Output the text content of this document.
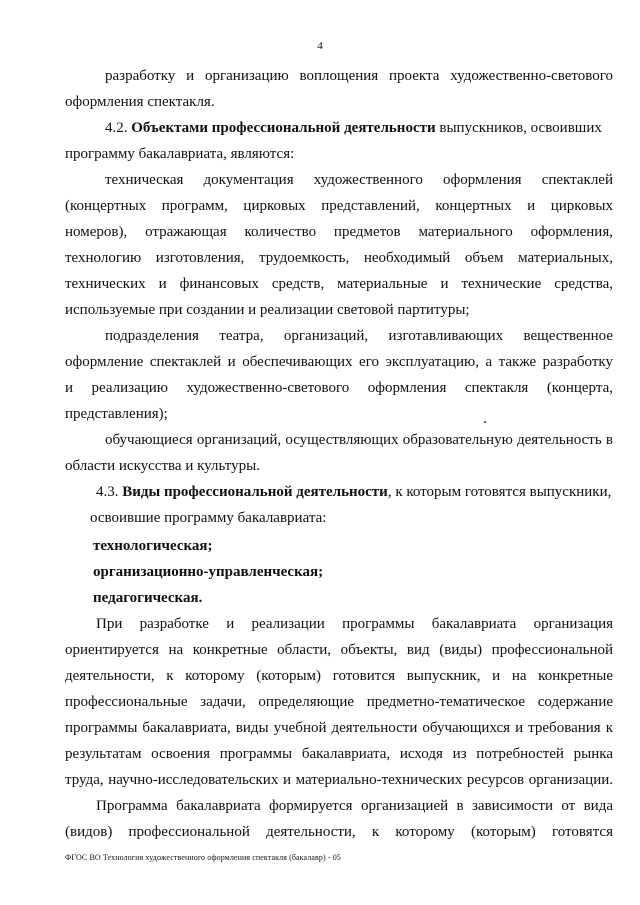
4
разработку и организацию воплощения проекта художественно-светового
оформления спектакля.
4.2. Объектами профессиональной деятельности выпускников, освоивших
программу бакалавриата, являются:
техническая документация художественного оформления спектаклей
(концертных программ, цирковых представлений, концертных и цирковых
номеров), отражающая количество предметов материального оформления,
технологию изготовления, трудоемкость, необходимый объем материальных,
технических и финансовых средств, материальные и технические средства,
используемые при создании и реализации световой партитуры;
подразделения театра, организаций, изготавливающих вещественное
оформление спектаклей и обеспечивающих его эксплуатацию, а также разработку
и реализацию художественно-светового оформления спектакля (концерта,
представления);
обучающиеся организаций, осуществляющих образовательную деятельность в
области искусства и культуры.
4.3. Виды профессиональной деятельности, к которым готовятся выпускники,
освоившие программу бакалавриата:
технологическая;
организационно-управленческая;
педагогическая.
При разработке и реализации программы бакалавриата организация
ориентируется на конкретные области, объекты, вид (виды) профессиональной
деятельности, к которому (которым) готовится выпускник, и на конкретные
профессиональные задачи, определяющие предметно-тематическое содержание
программы бакалавриата, виды учебной деятельности обучающихся и требования к
результатам освоения программы бакалавриата, исходя из потребностей рынка
труда, научно-исследовательских и материально-технических ресурсов организации.
Программа бакалавриата формируется организацией в зависимости от вида
(видов) профессиональной деятельности, к которому (которым) готовятся
ФГОС ВО Технология художественного оформления спектакля (бакалавр) - 05
